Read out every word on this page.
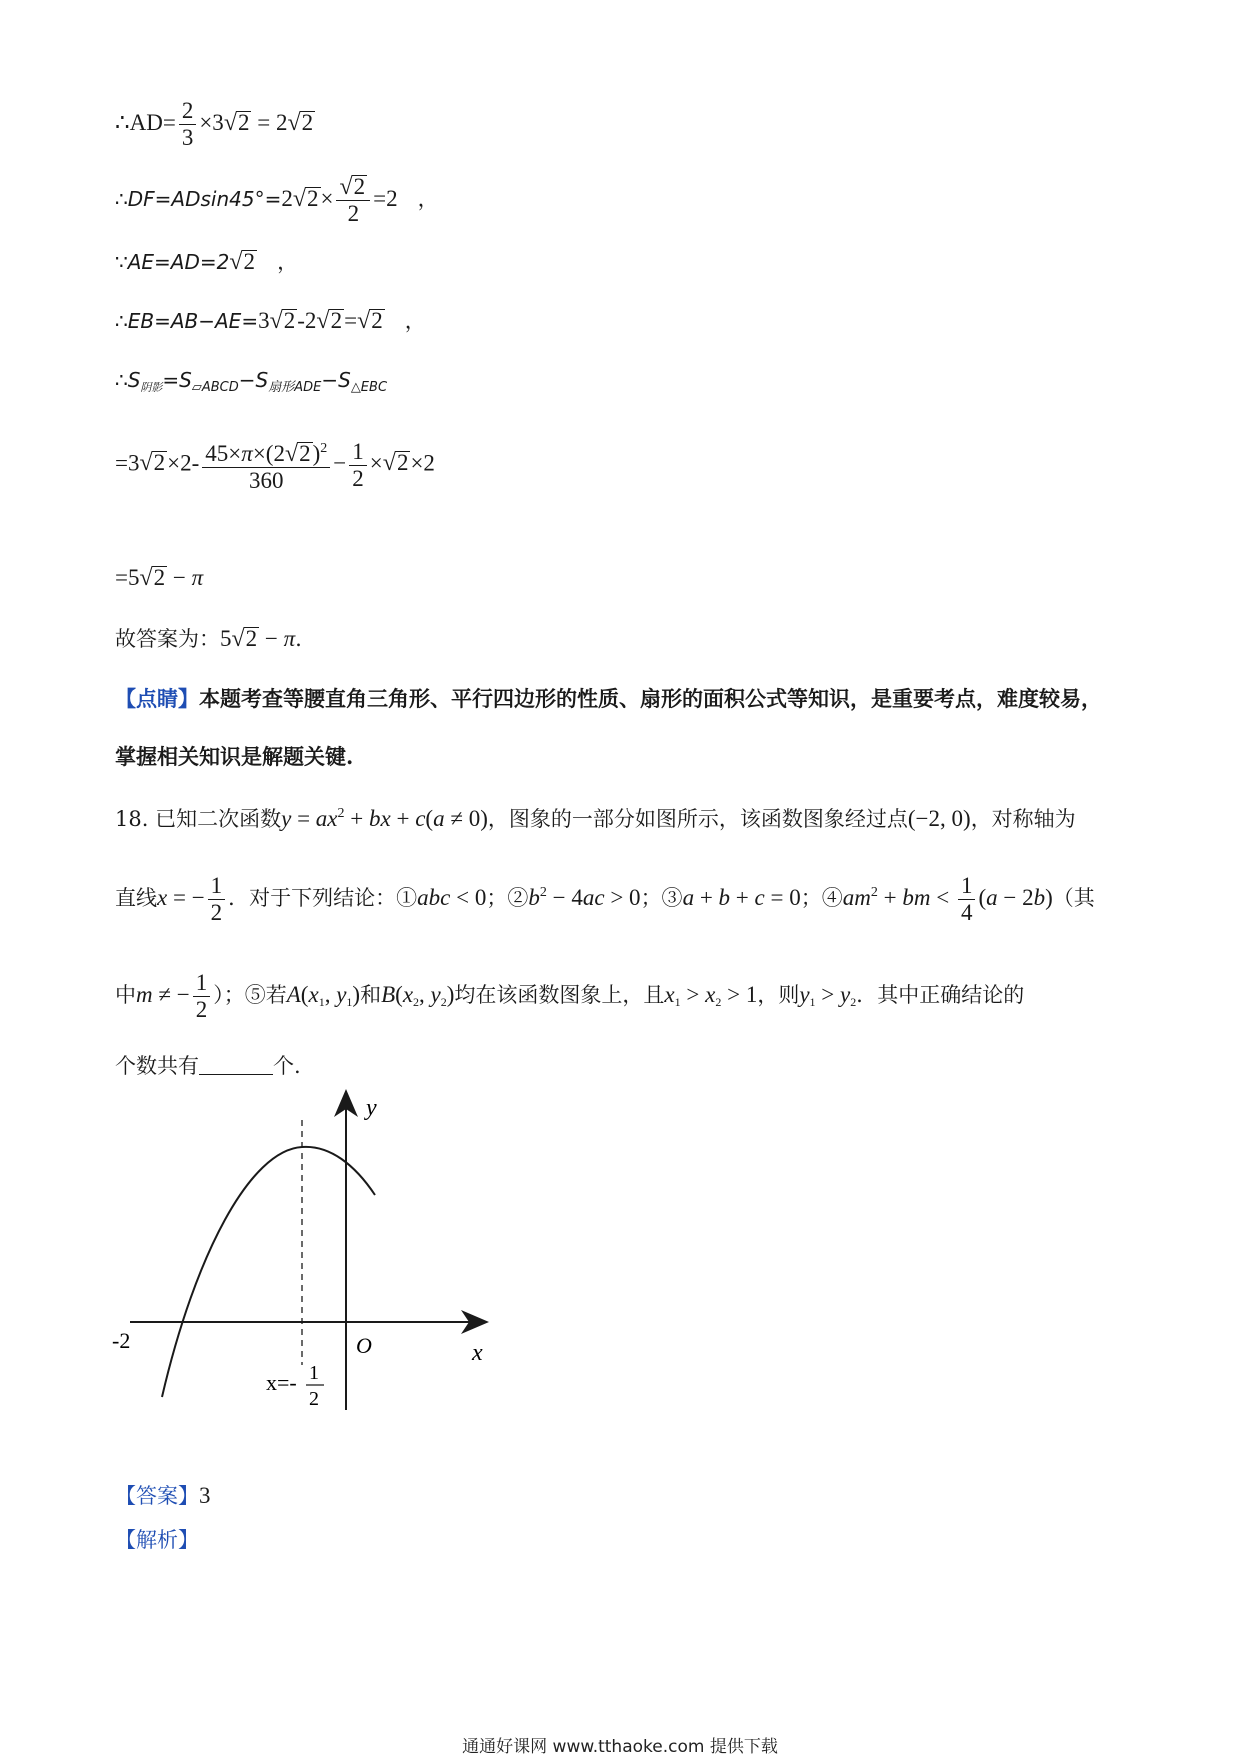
∴AD= $\frac{2}{3} \times 3√2 = 2√2$
∴DF=ADsin45°=2√2× $\frac{√2}{2} =2$   ，
∵AE=AD=2√2   ，
∴EB=AB−AE=3√2-2√2=√2   ，
$\therefore S_{阴影}=S_{▱ABCD}-S_{扇形ADE}-S_{\triangle EBC}$
$=3√2\times 2- \frac{45\times\pi\times(2√2)^2}{360} - \frac{1}{2} \times√2\times 2$
=5√2 − π
故答案为：5√2 − π．
【点睛】本题考查等腰直角三角形、平行四边形的性质、扇形的面积公式等知识，是重要考点，难度较易，
掌握相关知识是解题关键.
18. 已知二次函数$y = ax^2$ + bx + c(a ≠ 0)，图象的一部分如图所示，该函数图象经过点(−2, 0)，对称轴为
直线x = − $\frac{1}{2}$ ．对于下列结论：①abc < 0；$②b^2 - 4ac > 0$；③a + b + c = 0；$④am^2$ + bm < $\frac{1}{4} (a - 2b)$（其
中m ≠ − $\frac{1}{2}$ ）；⑤若$A(x_1$, $y_1$)和$B(x_2$, $y_2$)均在该函数图象上，且$x_1 > x_2 > 1$，则$y_1 > y_2$．其中正确结论的
个数共有	个.
y
x
O
-2
x=- 1
2
【答案】3
【解析】
通通好课网 www.tthaoke.com 提供下载
